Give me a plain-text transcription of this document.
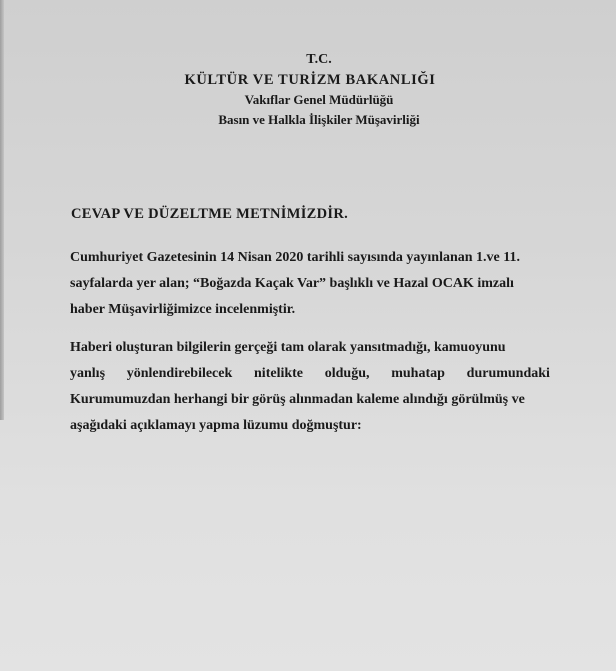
T.C.
KÜLTÜR VE TURİZM BAKANLIĞI
Vakıflar Genel Müdürlüğü
Basın ve Halkla İlişkiler Müşavirliği
CEVAP VE DÜZELTME METNİMİZDİR.
Cumhuriyet Gazetesinin 14 Nisan 2020 tarihli sayısında yayınlanan 1.ve 11.
sayfalarda yer alan; “Boğazda Kaçak Var” başlıklı ve Hazal OCAK imzalı
haber Müşavirliğimizce incelenmiştir.
Haberi oluşturan bilgilerin gerçeği tam olarak yansıtmadığı, kamuoyunu
yanlış yönlendirebilecek nitelikte olduğu, muhatap durumundaki
Kurumumuzdan herhangi bir görüş alınmadan kaleme alındığı görülmüş ve
aşağıdaki açıklamayı yapma lüzumu doğmuştur:
